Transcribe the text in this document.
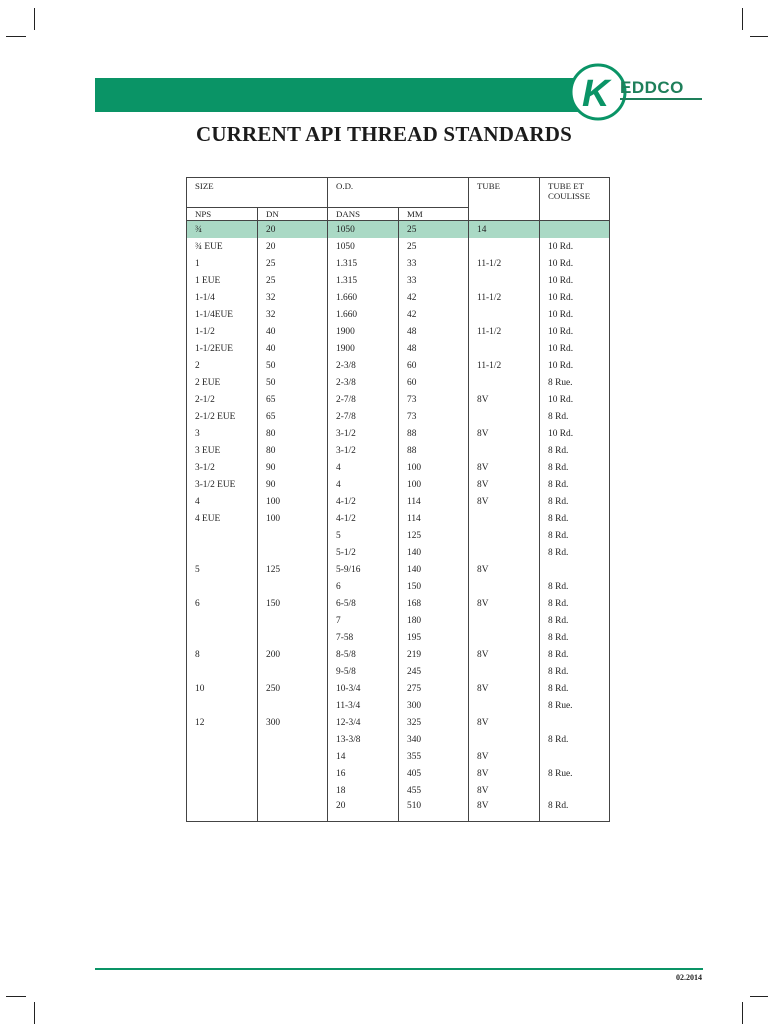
K EDDCO
CURRENT API THREAD STANDARDS
SIZE		O.D.		TUBE	TUBE ET COULISSE
NPS	DN	DANS	MM		
¾	20	1050	25	14	
¾ EUE	20	1050	25		10 Rd.
1	25	1.315	33	11-1/2	10 Rd.
1 EUE	25	1.315	33		10 Rd.
1-1/4	32	1.660	42	11-1/2	10 Rd.
1-1/4EUE	32	1.660	42		10 Rd.
1-1/2	40	1900	48	11-1/2	10 Rd.
1-1/2EUE	40	1900	48		10 Rd.
2	50	2-3/8	60	11-1/2	10 Rd.
2 EUE	50	2-3/8	60		8 Rue.
2-1/2	65	2-7/8	73	8V	10 Rd.
2-1/2 EUE	65	2-7/8	73		8 Rd.
3	80	3-1/2	88	8V	10 Rd.
3 EUE	80	3-1/2	88		8 Rd.
3-1/2	90	4	100	8V	8 Rd.
3-1/2 EUE	90	4	100	8V	8 Rd.
4	100	4-1/2	114	8V	8 Rd.
4 EUE	100	4-1/2	114		8 Rd.
		5	125		8 Rd.
		5-1/2	140		8 Rd.
5	125	5-9/16	140	8V	
		6	150		8 Rd.
6	150	6-5/8	168	8V	8 Rd.
		7	180		8 Rd.
		7-58	195		8 Rd.
8	200	8-5/8	219	8V	8 Rd.
		9-5/8	245		8 Rd.
10	250	10-3/4	275	8V	8 Rd.
		11-3/4	300		8 Rue.
12	300	12-3/4	325	8V	
		13-3/8	340		8 Rd.
		14	355	8V	
		16	405	8V	8 Rue.
		18	455	8V	
		20	510	8V	8 Rd.
02.2014
